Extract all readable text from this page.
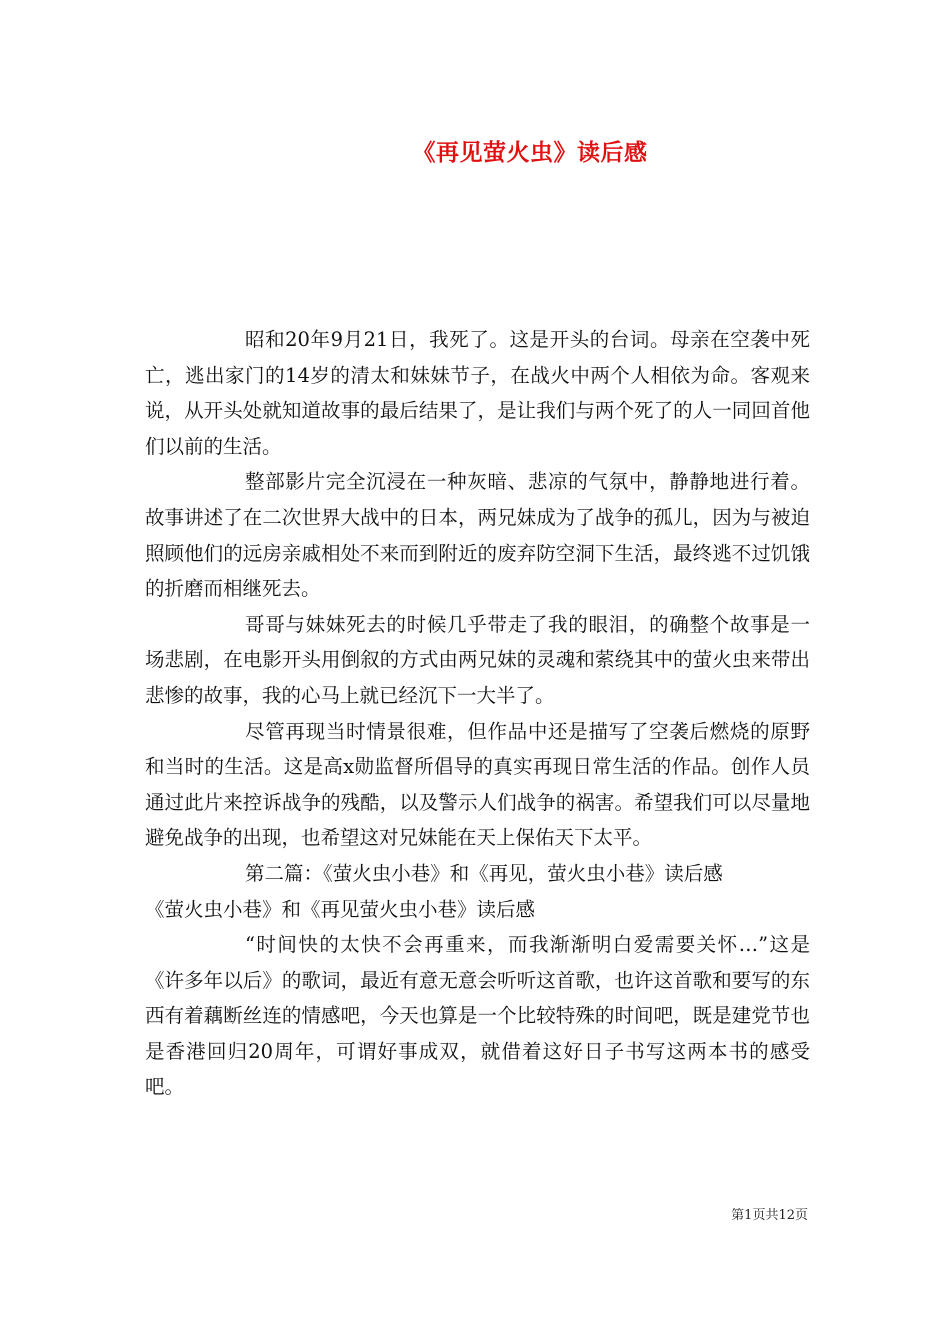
《再见萤火虫》读后感

昭和20年9月21日，我死了。这是开头的台词。母亲在空袭中死亡，逃出家门的14岁的清太和妹妹节子，在战火中两个人相依为命。客观来说，从开头处就知道故事的最后结果了，是让我们与两个死了的人一同回首他们以前的生活。

整部影片完全沉浸在一种灰暗、悲凉的气氛中，静静地进行着。故事讲述了在二次世界大战中的日本，两兄妹成为了战争的孤儿，因为与被迫照顾他们的远房亲戚相处不来而到附近的废弃防空洞下生活，最终逃不过饥饿的折磨而相继死去。

哥哥与妹妹死去的时候几乎带走了我的眼泪，的确整个故事是一场悲剧，在电影开头用倒叙的方式由两兄妹的灵魂和萦绕其中的萤火虫来带出悲惨的故事，我的心马上就已经沉下一大半了。

尽管再现当时情景很难，但作品中还是描写了空袭后燃烧的原野和当时的生活。这是高x勋监督所倡导的真实再现日常生活的作品。创作人员通过此片来控诉战争的残酷，以及警示人们战争的祸害。希望我们可以尽量地避免战争的出现，也希望这对兄妹能在天上保佑天下太平。

第二篇：《萤火虫小巷》和《再见，萤火虫小巷》读后感

《萤火虫小巷》和《再见萤火虫小巷》读后感

“时间快的太快不会再重来，而我渐渐明白爱需要关怀…”这是《许多年以后》的歌词，最近有意无意会听听这首歌，也许这首歌和要写的东西有着藕断丝连的情感吧，今天也算是一个比较特殊的时间吧，既是建党节也是香港回归20周年，可谓好事成双，就借着这好日子书写这两本书的感受吧。

第1页共12页
